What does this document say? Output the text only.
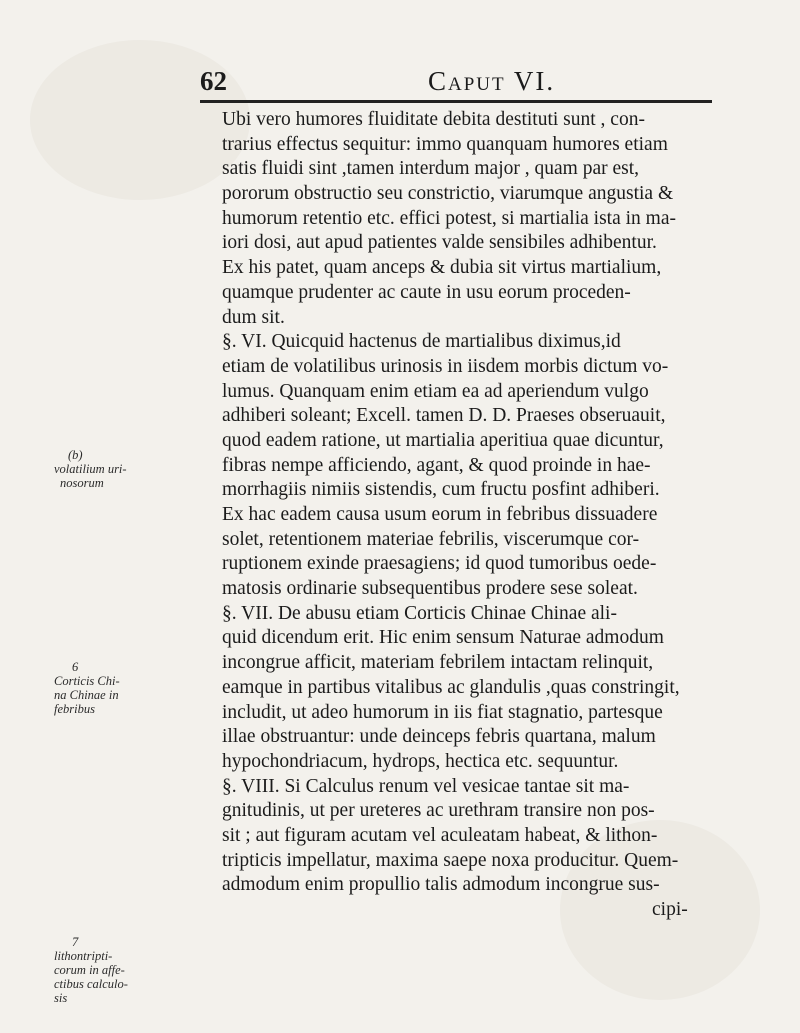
62	Caput VI.
Ubi vero humores fluiditate debita destituti sunt , con-
trarius effectus sequitur: immo quanquam humores etiam
satis fluidi sint ,tamen interdum major , quam par est,
pororum obstructio seu constrictio, viarumque angustia &
humorum retentio etc. effici potest, si martialia ista in ma-
iori dosi, aut apud patientes valde sensibiles adhibentur.
Ex his patet, quam anceps & dubia sit virtus martialium,
quamque prudenter ac caute in usu eorum proceden-
dum sit.
§. VI. Quicquid hactenus de martialibus diximus,id
etiam de volatilibus urinosis in iisdem morbis dictum vo-
lumus. Quanquam enim etiam ea ad aperiendum vulgo
adhiberi soleant; Excell. tamen D. D. Praeses obseruauit,
quod eadem ratione, ut martialia aperitiua quae dicuntur,
fibras nempe afficiendo, agant, & quod proinde in hae-
morrhagiis nimiis sistendis, cum fructu posfint adhiberi.
Ex hac eadem causa usum eorum in febribus dissuadere
solet, retentionem materiae febrilis, viscerumque cor-
ruptionem exinde praesagiens; id quod tumoribus oede-
matosis ordinarie subsequentibus prodere sese soleat.
§. VII. De abusu etiam Corticis Chinae Chinae ali-
quid dicendum erit. Hic enim sensum Naturae admodum
incongrue afficit, materiam febrilem intactam relinquit,
eamque in partibus vitalibus ac glandulis ,quas constringit,
includit, ut adeo humorum in iis fiat stagnatio, partesque
illae obstruantur: unde deinceps febris quartana, malum
hypochondriacum, hydrops, hectica etc. sequuntur.
§. VIII. Si Calculus renum vel vesicae tantae sit ma-
gnitudinis, ut per ureteres ac urethram transire non pos-
sit ; aut figuram acutam vel aculeatam habeat, & lithon-
tripticis impellatur, maxima saepe noxa producitur. Quem-
admodum enim propullio talis admodum incongrue sus-
cipi-
(b)
volatilium uri-
nosorum
6
Corticis Chi-
na Chinae in
febribus
7
lithontripti-
corum in affe-
ctibus calculo-
sis
